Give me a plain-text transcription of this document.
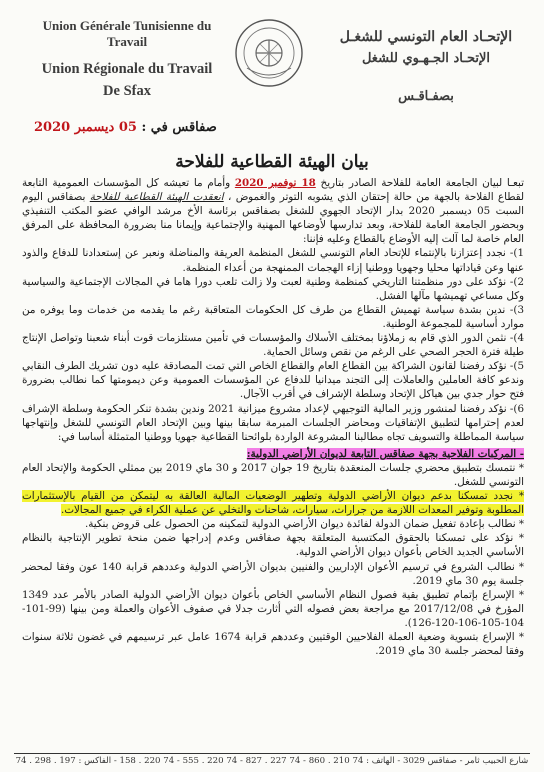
Union Générale Tunisienne du Travail
Union Régionale du Travail
De Sfax
الإتحـاد العام التونسي للشغـل
الإتحـاد الجـهـوي للشغل
بصفـاقـس
صفاقس في : 05 ديسمبر 2020
بيان الهيئة القطاعية للفلاحة

تبعـا لبيان الجامعة العامة للفلاحة الصادر بتاريخ 18 نوفمبر 2020 وأمام ما تعيشه كل المؤسسات العمومية التابعة لقطاع الفلاحة بالجهة من حالة إحتقان الذي يشوبه التوتر والغموض ، انعقدت الهيئة القطاعية للفلاحة بصفاقس اليوم السبت 05 ديسمبر 2020 بدار الإتحاد الجهوي للشغل بصفاقس برئاسة الأخ مرشد الوافي عضو المكتب التنفيذي وبحضور الجامعة العامة للفلاحة، وبعد تدارسها لأوضاعها المهنية والإجتماعية وإيمانا منا بضرورة المحافظة على المرفق العام خاصة لما آلت إليه الأوضاع بالقطاع وعليه فإننا:

1)- نجدد إعتزازنا بالإنتماء للإتحاد العام التونسي للشغل المنظمة العريقة والمناضلة ونعبر عن إستعدادنا للدفاع والذود عنها وعن قياداتها محليا وجهويا ووطنيا إزاء الهجمات الممنهجة من أعداء المنظمة.

2)- نؤكد على دور منظمتنا التاريخي كمنظمة وطنية لعبت ولا زالت تلعب دورا هاما في المجالات الإجتماعية والسياسية وكل مساعي تهميشها مآلها الفشل.

3)- ندين بشدة سياسة تهميش القطاع من طرف كل الحكومات المتعاقبة رغم ما يقدمه من خدمات وما يوفره من موارد أساسية للمجموعة الوطنية.

4)- نثمن الدور الذي قام به زملاؤنا بمختلف الأسلاك والمؤسسات في تأمين مستلزمات قوت أبناء شعبنا وتواصل الإنتاج طيلة فترة الحجر الصحي على الرغم من نقص وسائل الحماية.

5)- نؤكد رفضنا لقانون الشراكة بين القطاع العام والقطاع الخاص التي تمت المصادقة عليه دون تشريك الطرف النقابي وندعو كافة العاملين والعاملات إلى التجند ميدانيا للدفاع عن المؤسسات العمومية وعن ديمومتها كما نطالب بضرورة فتح حوار جدي بين هياكل الإتحاد وسلطة الإشراف في أقرب الآجال.

6)- نؤكد رفضنا لمنشور وزير المالية التوجيهي لإعداد مشروع ميزانية 2021 وندين بشدة تنكر الحكومة وسلطة الإشراف لعدم إحترامها لتطبيق الإتفاقيات ومحاضر الجلسات المبرمة سابقا بينها وبين الإتحاد العام التونسي للشغل وإنتهاجها سياسة المماطلة والتسويف تجاه مطالبنا المشروعة الواردة بلوائحنا القطاعية جهويا ووطنيا المتمثلة أساسا في:

- المركبات الفلاحية بجهة صفاقس التابعة لديوان الأراضي الدولية:

* نتمسك بتطبيق محضري جلسات المنعقدة بتاريخ 19 جوان 2017 و 30 ماي 2019 بين ممثلي الحكومة والإتحاد العام التونسي للشغل.

* نجدد تمسكنا بدعم ديوان الأراضي الدولية وتطهير الوضعيات المالية العالقة به ليتمكن من القيام بالإستثمارات المطلوبة وتوفير المعدات اللازمة من جرارات، سيارات، شاحنات والتخلي عن عملية الكراء في جميع المجالات.

* نطالب بإعادة تفعيل ضمان الدولة لفائدة ديوان الأراضي الدولية لتمكينه من الحصول على قروض بنكية.

* نؤكد على تمسكنا بالحقوق المكتسبة المتعلقة بجهة صفاقس وعدم إدراجها ضمن منحة تطوير الإنتاجية بالنظام الأساسي الجديد الخاص بأعوان ديوان الأراضي الدولية.

* نطالب الشروع في ترسيم الأعوان الإداريين والفنيين بديوان الأراضي الدولية وعددهم قرابة 140 عون وفقا لمحضر جلسة يوم 30 ماي 2019.

* الإسراع بإتمام تطبيق بقية فصول النظام الأساسي الخاص بأعوان ديوان الأراضي الدولية الصادر بالأمر عدد 1349 المؤرخ في 2017/12/08 مع مراجعة بعض فصوله التي أثارت جدلا في صفوف الأعوان والعملة ومن بينها (99-101-104-105-106-120-126).

* الإسراع بتسوية وضعية العملة الفلاحيين الوقتيين وعددهم قرابة 1674 عامل عبر ترسيمهم في غضون ثلاثة سنوات وفقا لمحضر جلسة 30 ماي 2019.

شارع الحبيب ثامر - صفاقس 3029 - الهاتف : 74 210 . 860 - 74 227 . 827 - 74 220 . 555 - 74 220 . 158 - الفاكس : 197 . 298 . 74
